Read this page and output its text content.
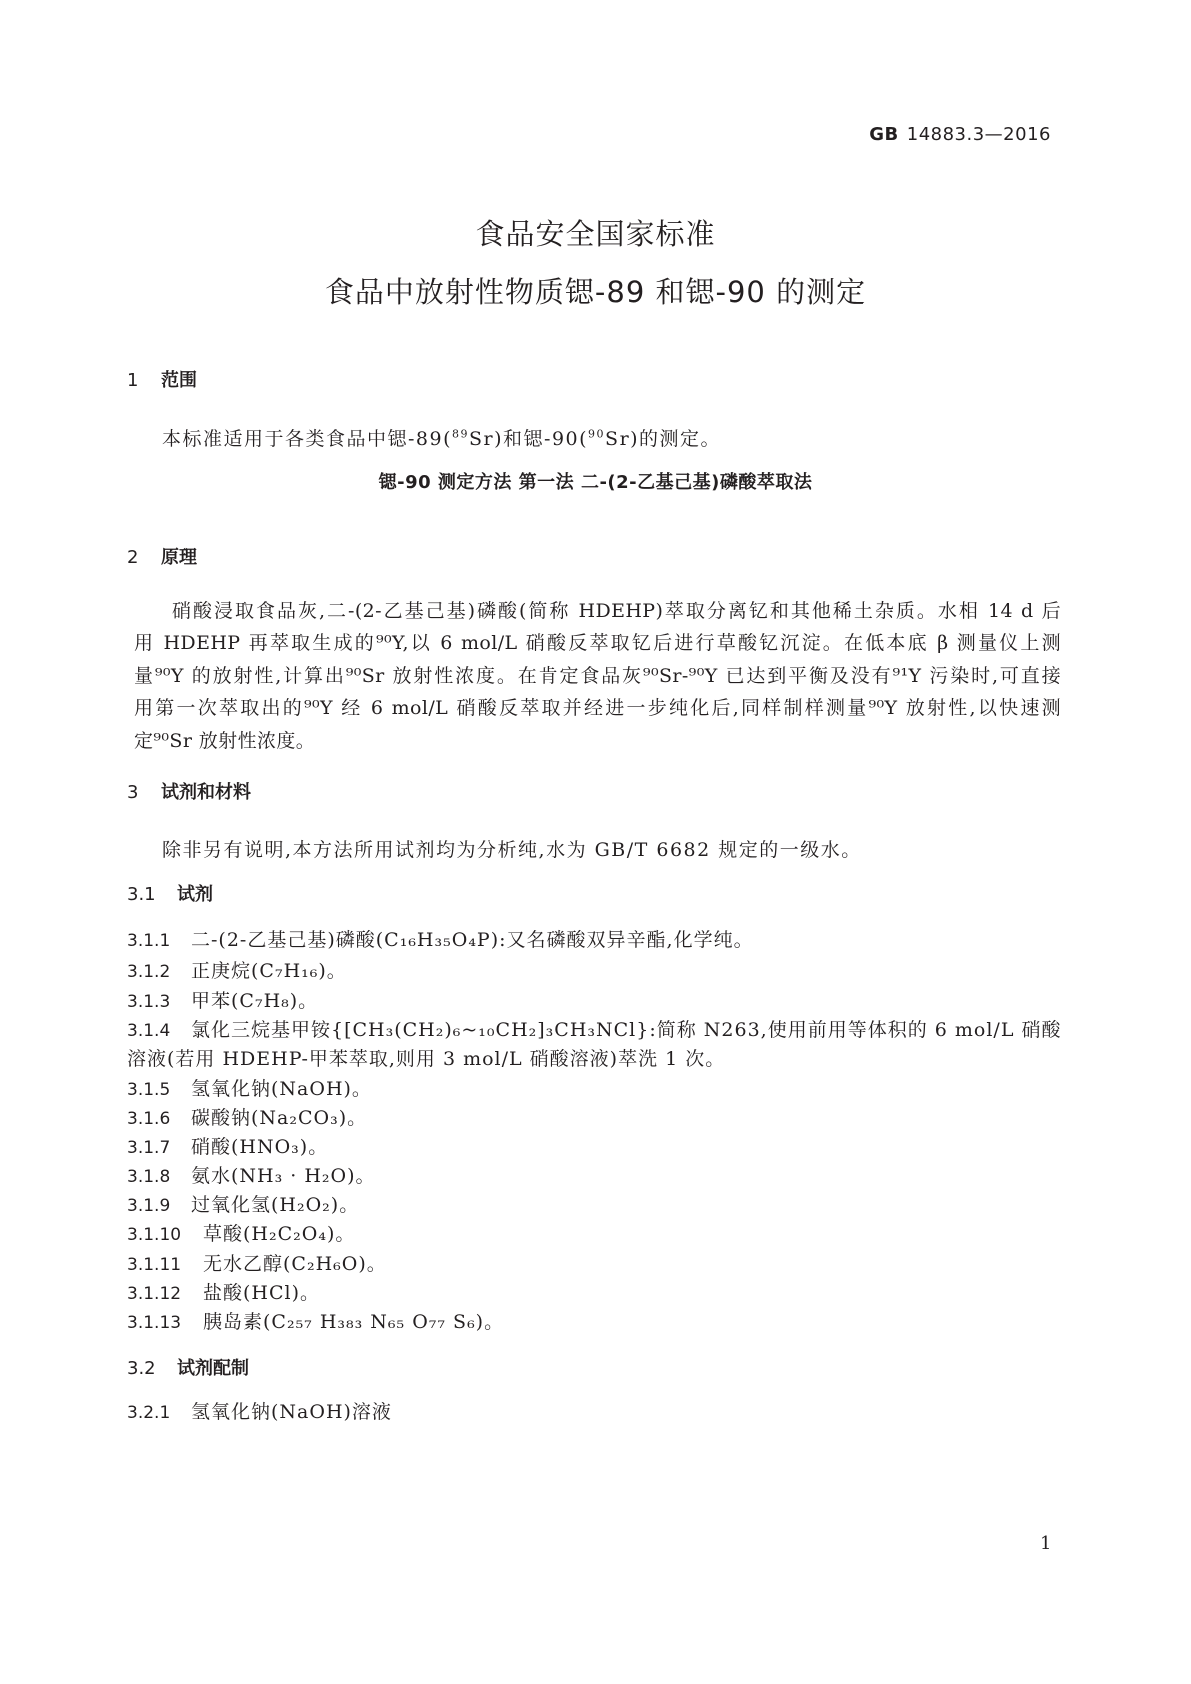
GB 14883.3—2016
食品安全国家标准
食品中放射性物质锶-89 和锶-90 的测定
1 范围
本标准适用于各类食品中锶-89($^{89}$Sr)和锶-90($^{90}$Sr)的测定。
锶-90 测定方法 第一法 二-(2-乙基己基)磷酸萃取法
2 原理
硝酸浸取食品灰,二-(2-乙基己基)磷酸(简称 HDEHP)萃取分离钇和其他稀土杂质。水相 14 d 后
用 HDEHP 再萃取生成的⁹⁰Y,以 6 mol/L 硝酸反萃取钇后进行草酸钇沉淀。在低本底 β 测量仪上测
量⁹⁰Y 的放射性,计算出⁹⁰Sr 放射性浓度。在肯定食品灰⁹⁰Sr-⁹⁰Y 已达到平衡及没有⁹¹Y 污染时,可直接
用第一次萃取出的⁹⁰Y 经 6 mol/L 硝酸反萃取并经进一步纯化后,同样制样测量⁹⁰Y 放射性,以快速测
定⁹⁰Sr 放射性浓度。
3 试剂和材料
除非另有说明,本方法所用试剂均为分析纯,水为 GB/T 6682 规定的一级水。
3.1 试剂
3.1.1 二-(2-乙基己基)磷酸(C₁₆H₃₅O₄P):又名磷酸双异辛酯,化学纯。
3.1.2 正庚烷(C₇H₁₆)。
3.1.3 甲苯(C₇H₈)。
3.1.4 氯化三烷基甲铵{[CH₃(CH₂)₆~₁₀CH₂]₃CH₃NCl}:简称 N263,使用前用等体积的 6 mol/L 硝酸
溶液(若用 HDEHP-甲苯萃取,则用 3 mol/L 硝酸溶液)萃洗 1 次。
3.1.5 氢氧化钠(NaOH)。
3.1.6 碳酸钠(Na₂CO₃)。
3.1.7 硝酸(HNO₃)。
3.1.8 氨水(NH₃ · H₂O)。
3.1.9 过氧化氢(H₂O₂)。
3.1.10 草酸(H₂C₂O₄)。
3.1.11 无水乙醇(C₂H₆O)。
3.1.12 盐酸(HCl)。
3.1.13 胰岛素(C₂₅₇ H₃₈₃ N₆₅ O₇₇ S₆)。
3.2 试剂配制
3.2.1 氢氧化钠(NaOH)溶液
1
